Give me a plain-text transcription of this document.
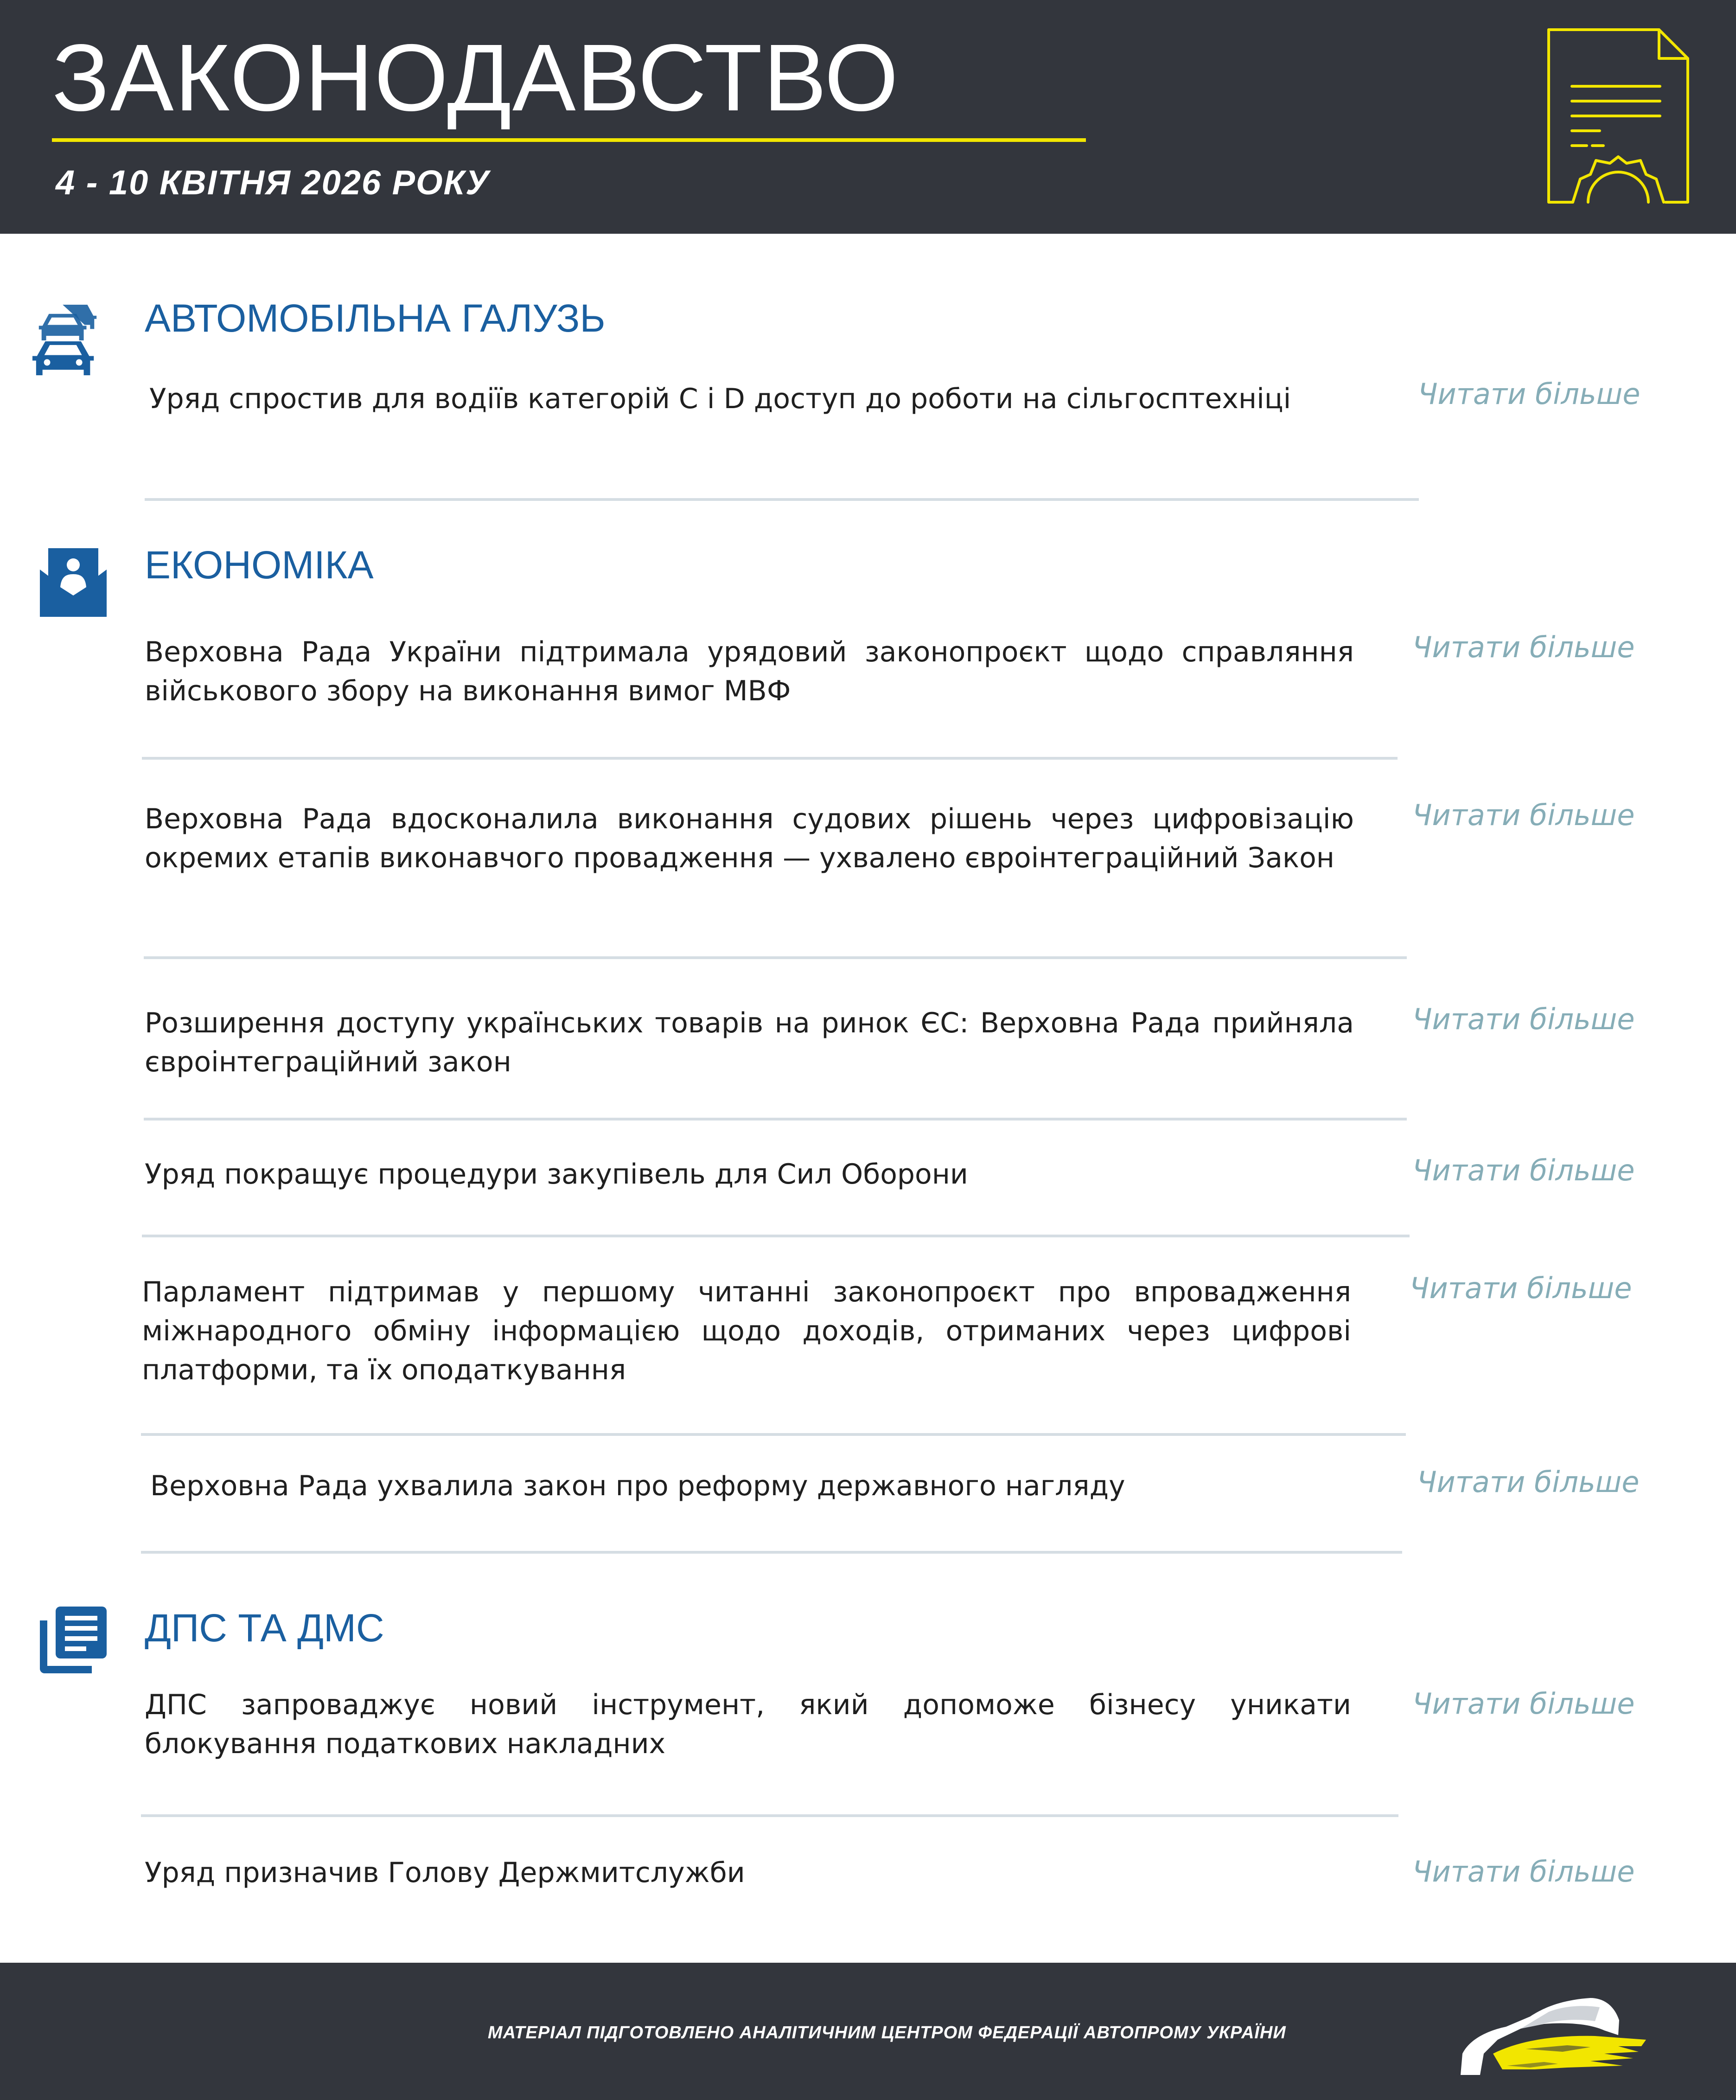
ЗАКОНОДАВСТВО
4 - 10 КВІТНЯ 2026 РОКУ
АВТОМОБІЛЬНА ГАЛУЗЬ
Уряд спростив для водіїв категорій C і D доступ до роботи на сільгосптехніці	Читати більше
ЕКОНОМІКА
Верховна Рада України підтримала урядовий законопроєкт щодо справляння військового збору на виконання вимог МВФ
Читати більше
Верховна Рада вдосконалила виконання судових рішень через цифровізацію окремих етапів виконавчого провадження — ухвалено євроінтеграційний Закон
Читати більше
Розширення доступу українських товарів на ринок ЄС: Верховна Рада прийняла євроінтеграційний закон
Читати більше
Уряд покращує процедури закупівель для Сил Оборони	Читати більше
Парламент підтримав у першому читанні законопроєкт про впровадження міжнародного обміну інформацією щодо доходів, отриманих через цифрові платформи, та їх оподаткування
Читати більше
Верховна Рада ухвалила закон про реформу державного нагляду	Читати більше
ДПС ТА ДМС
ДПС запроваджує новий інструмент, який допоможе бізнесу уникати блокування податкових накладних
Читати більше
Уряд призначив Голову Держмитслужби	Читати більше
МАТЕРІАЛ ПІДГОТОВЛЕНО АНАЛІТИЧНИМ ЦЕНТРОМ ФЕДЕРАЦІЇ АВТОПРОМУ УКРАЇНИ
